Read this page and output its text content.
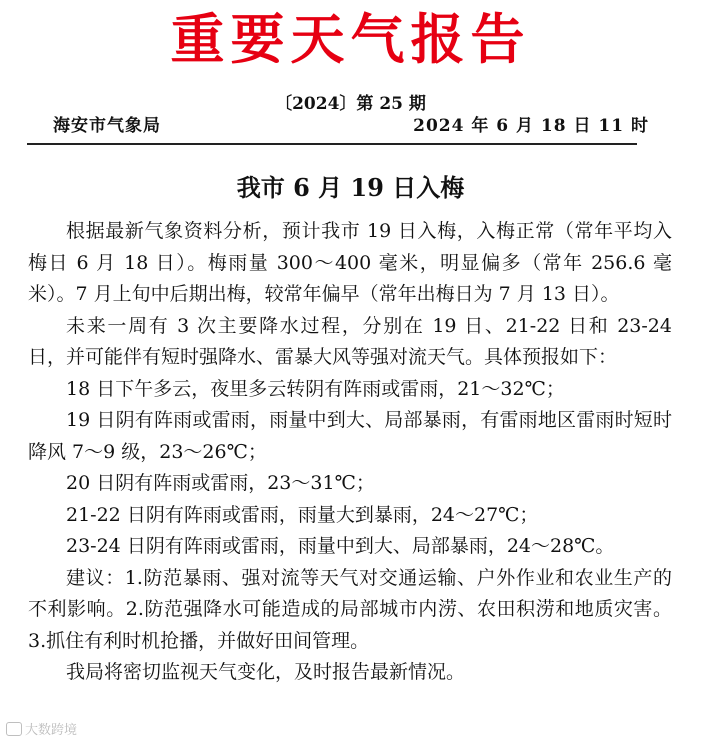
重要天气报告
〔2024〕第 25 期
海安市气象局	2024 年 6 月 18 日 11 时
我市 6 月 19 日入梅

根据最新气象资料分析，预计我市 19 日入梅，入梅正常（常年平均入梅日 6 月 18 日）。梅雨量 300～400 毫米，明显偏多（常年 256.6 毫米）。7 月上旬中后期出梅，较常年偏早（常年出梅日为 7 月 13 日）。

未来一周有 3 次主要降水过程，分别在 19 日、21-22 日和 23-24 日，并可能伴有短时强降水、雷暴大风等强对流天气。具体预报如下：

18 日下午多云，夜里多云转阴有阵雨或雷雨，21～32℃；

19 日阴有阵雨或雷雨，雨量中到大、局部暴雨，有雷雨地区雷雨时短时降风 7～9 级，23～26℃；

20 日阴有阵雨或雷雨，23～31℃；

21-22 日阴有阵雨或雷雨，雨量大到暴雨，24～27℃；

23-24 日阴有阵雨或雷雨，雨量中到大、局部暴雨，24～28℃。

建议：1.防范暴雨、强对流等天气对交通运输、户外作业和农业生产的不利影响。2.防范强降水可能造成的局部城市内涝、农田积涝和地质灾害。3.抓住有利时机抢播，并做好田间管理。

我局将密切监视天气变化，及时报告最新情况。

大数跨境
